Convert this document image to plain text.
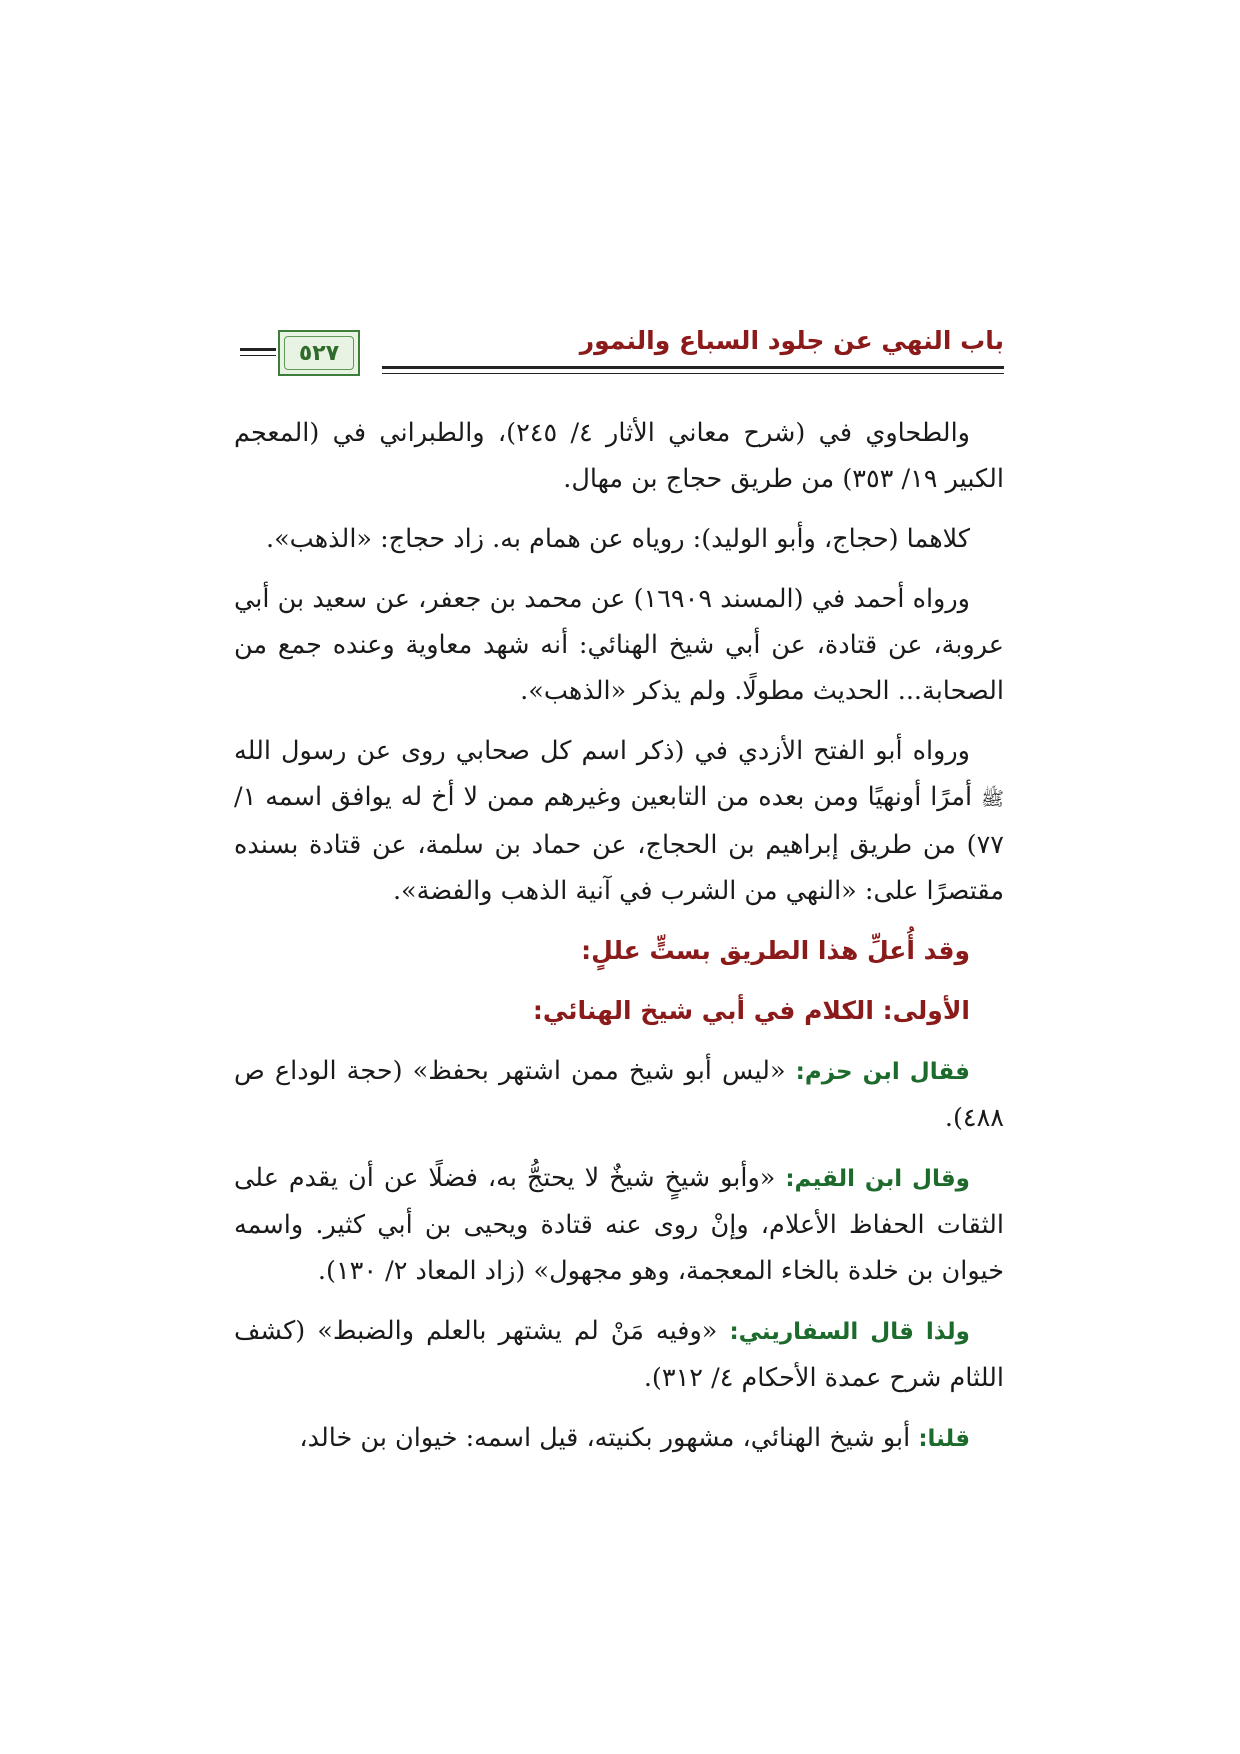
باب النهي عن جلود السباع والنمور
٥٢٧

والطحاوي في (شرح معاني الأثار ٤/ ٢٤٥)، والطبراني في (المعجم الكبير ١٩/ ٣٥٣) من طريق حجاج بن مهال.

كلاهما (حجاج، وأبو الوليد): روياه عن همام به. زاد حجاج: «الذهب».

ورواه أحمد في (المسند ١٦٩٠٩) عن محمد بن جعفر، عن سعيد بن أبي عروبة، عن قتادة، عن أبي شيخ الهنائي: أنه شهد معاوية وعنده جمع من الصحابة... الحديث مطولًا. ولم يذكر «الذهب».

ورواه أبو الفتح الأزدي في (ذكر اسم كل صحابي روى عن رسول الله ﷺ أمرًا أونهيًا ومن بعده من التابعين وغيرهم ممن لا أخ له يوافق اسمه ١/ ٧٧) من طريق إبراهيم بن الحجاج، عن حماد بن سلمة، عن قتادة بسنده مقتصرًا على: «النهي من الشرب في آنية الذهب والفضة».

وقد أُعلِّ هذا الطريق بستٍّ عللٍ:
الأولى: الكلام في أبي شيخ الهنائي:

فقال ابن حزم: «ليس أبو شيخ ممن اشتهر بحفظ» (حجة الوداع ص ٤٨٨).

وقال ابن القيم: «وأبو شيخٍ شيخٌ لا يحتجُّ به، فضلًا عن أن يقدم على الثقات الحفاظ الأعلام، وإنْ روى عنه قتادة ويحيى بن أبي كثير. واسمه خيوان بن خلدة بالخاء المعجمة، وهو مجهول» (زاد المعاد ٢/ ١٣٠).

ولذا قال السفاريني: «وفيه مَنْ لم يشتهر بالعلم والضبط» (كشف اللثام شرح عمدة الأحكام ٤/ ٣١٢).

قلنا: أبو شيخ الهنائي، مشهور بكنيته، قيل اسمه: خيوان بن خالد،
